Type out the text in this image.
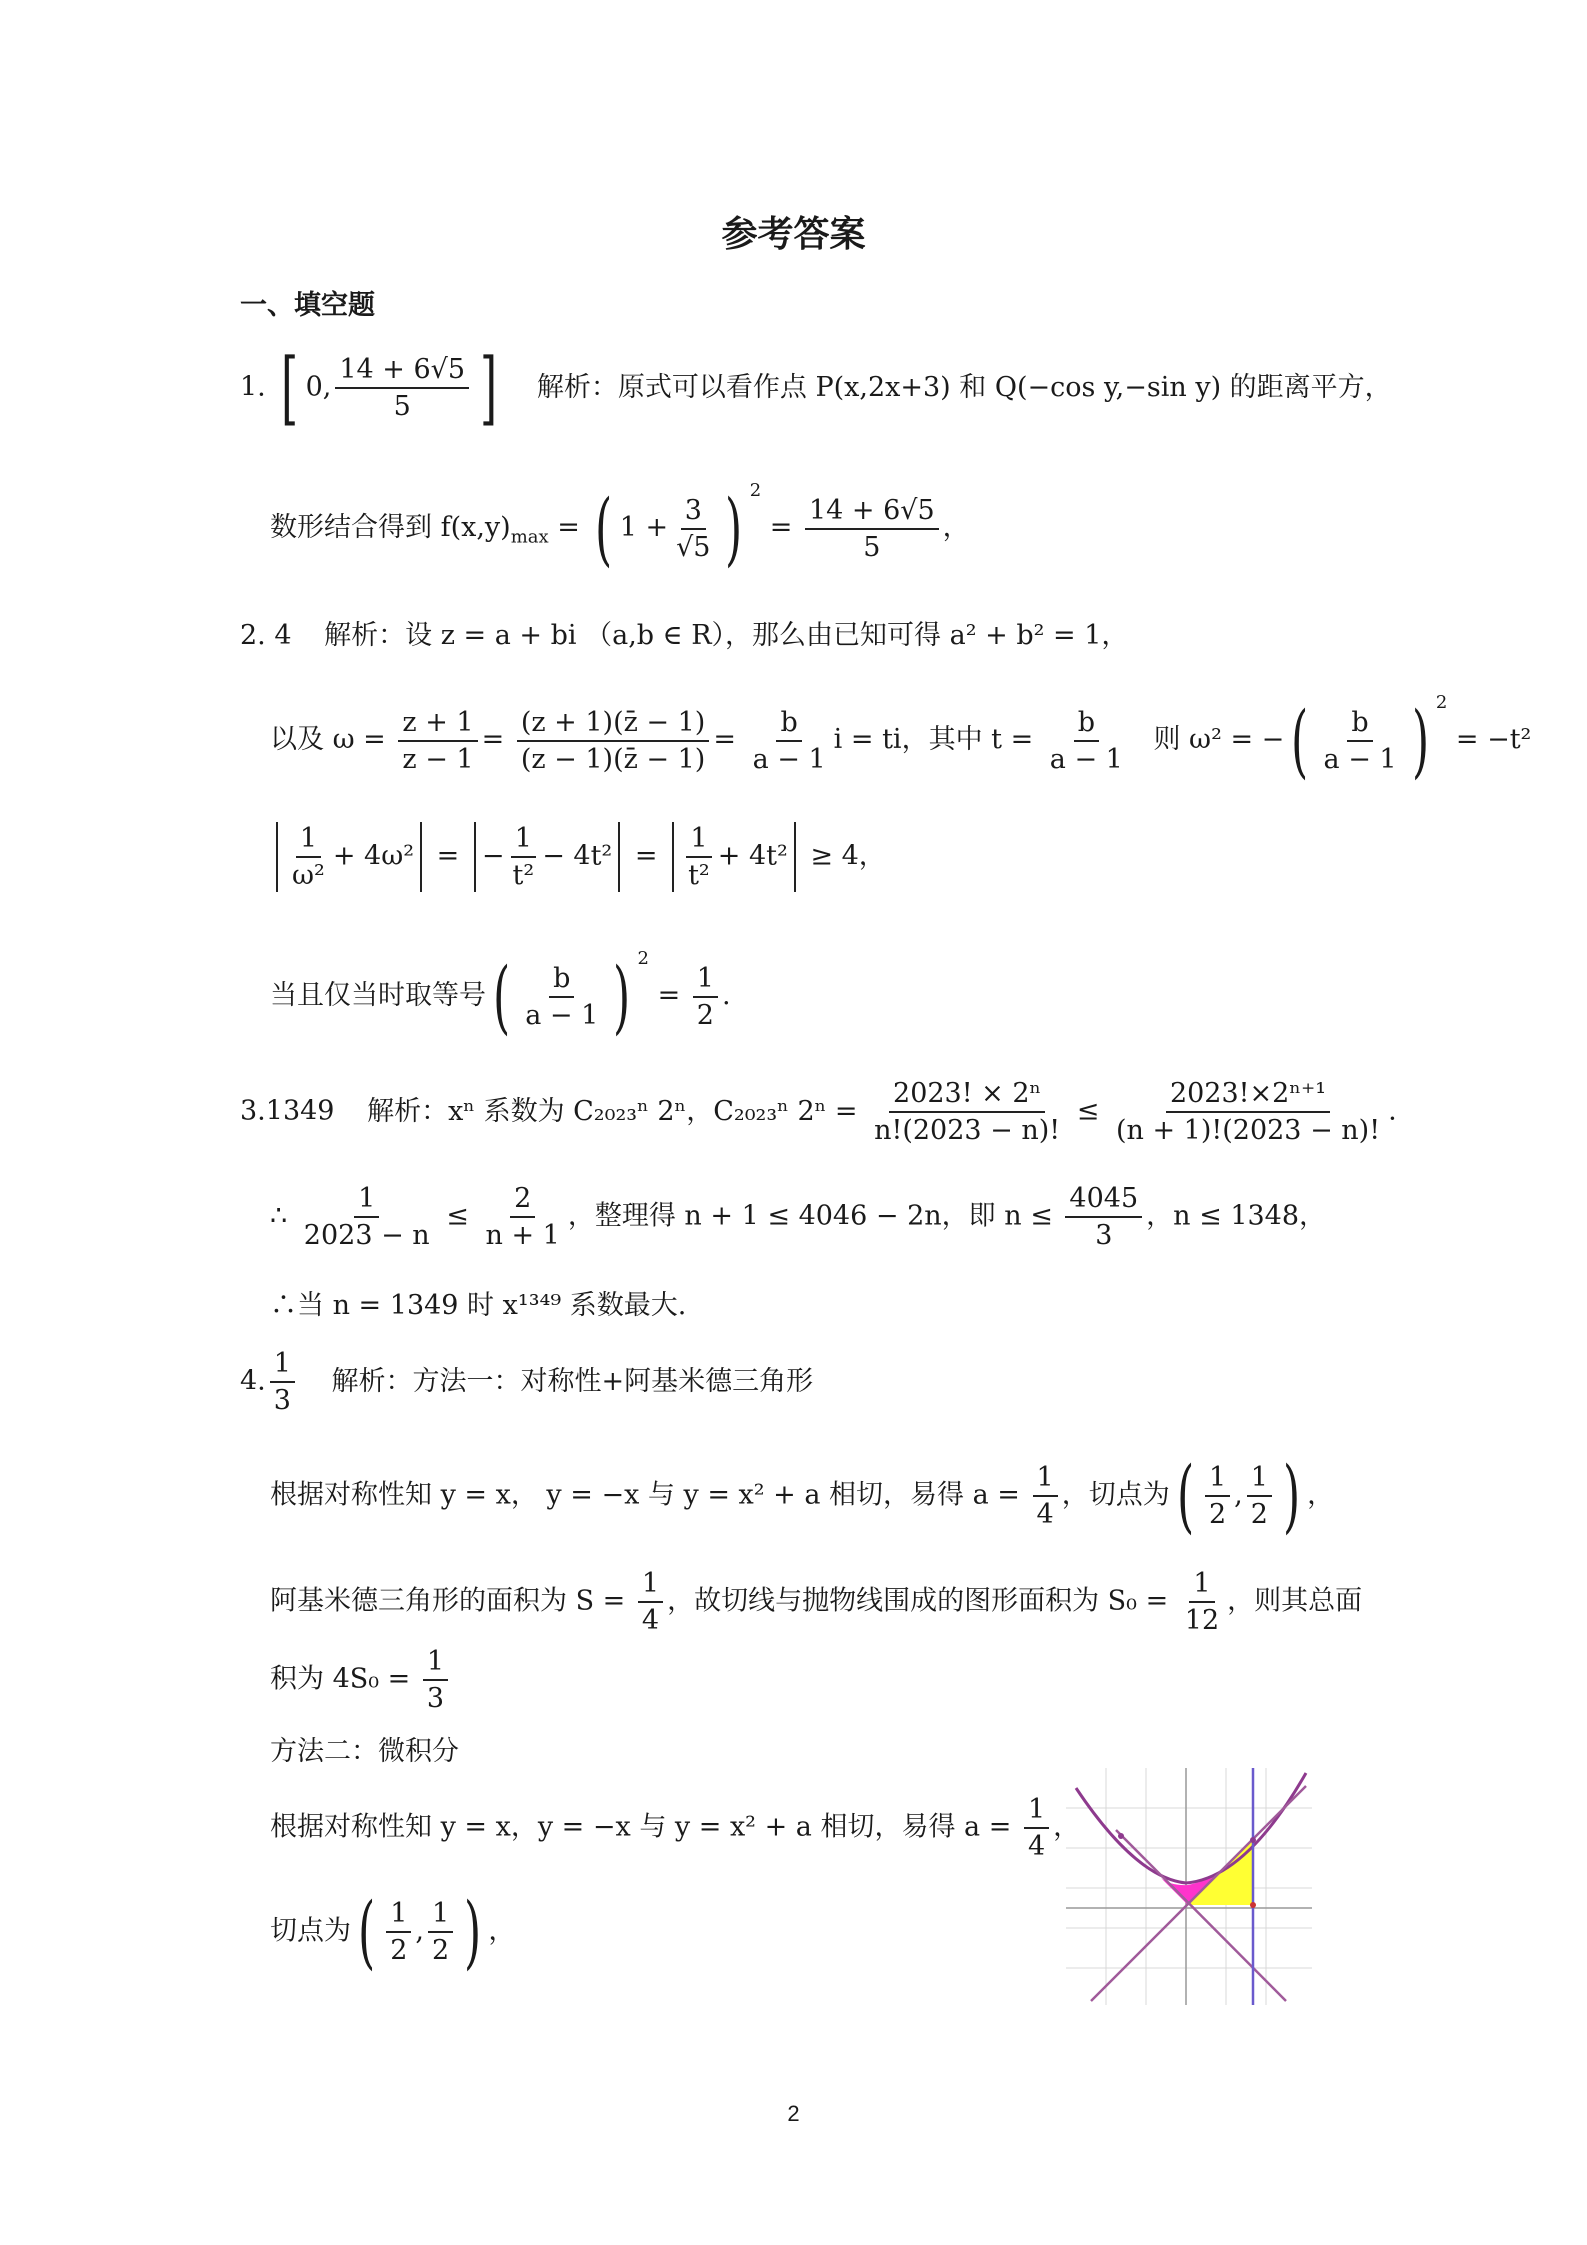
参考答案
一、填空题
1. [ 0, $\frac{14 + 6√5}{5}$ ] 解析：原式可以看作点 P(x,2x+3) 和 Q(−cos y,−sin y) 的距离平方，
数形结合得到 $f(x,y)_{max}$ = ( $1 + \frac{3}{√5}$ ) $^2 = \frac{14 + 6√5}{5}$ ，
2. 4 解析：设 z = a + bi （a,b ∈ R），那么由已知可得 a² + b² = 1，
以及 $\omega = \frac{z + 1}{z - 1} = \frac{(z + 1)(z̄ - 1)}{(z - 1)(z̄ - 1)} = \frac{b}{a - 1}$ i = ti，其中 $t = \frac{b}{a - 1}$ 则 ω² = −( $\frac{b}{a - 1}$ ) $^2$ = −t²
$\frac{1}{\text{ω²}} + 4\omega^2$ = − $\frac{1}{\text{t²}} - 4t^2 = \frac{1}{\text{t²}} + 4t^2 \ge 4$，
当且仅当时取等号( $\frac{b}{a - 1}$ ) $^2 = \frac{1}{2}$ .
3.1349 解析：xⁿ 系数为 C₂₀₂₃ⁿ 2ⁿ，C₂₀₂₃ⁿ $2^n = \frac{\text{2023! × 2ⁿ}}{n!(2023 - n)!} \le \frac{\text{2023!×2ⁿ⁺¹}}{(n + 1)!(2023 - n)!}$ .
∴ $\frac{1}{2023 - n} \le \frac{2}{n + 1}$ ，整理得 n + 1 ≤ 4046 − 2n，即 $n \le \frac{4045}{3}$ ，n ≤ 1348，
∴当 n = 1349 时 x¹³⁴⁹ 系数最大.
4. $\frac{1}{3}$ 解析：方法一：对称性+阿基米德三角形
根据对称性知 y = x， y = −x 与 y = x² + a 相切，易得 $a = \frac{1}{4}$ ，切点为( $\frac{1}{2}$ , $\frac{1}{2}$ ) ，
阿基米德三角形的面积为 $S = \frac{1}{4}$ ，故切线与抛物线围成的图形面积为 $S_0 = \frac{1}{12}$ ，则其总面
积为 $4S_0 = \frac{1}{3}$
方法二：微积分
根据对称性知 y = x，y = −x 与 y = x² + a 相切，易得 $a = \frac{1}{4}$ ，
切点为( $\frac{1}{2}$ , $\frac{1}{2}$ ) ，
2
